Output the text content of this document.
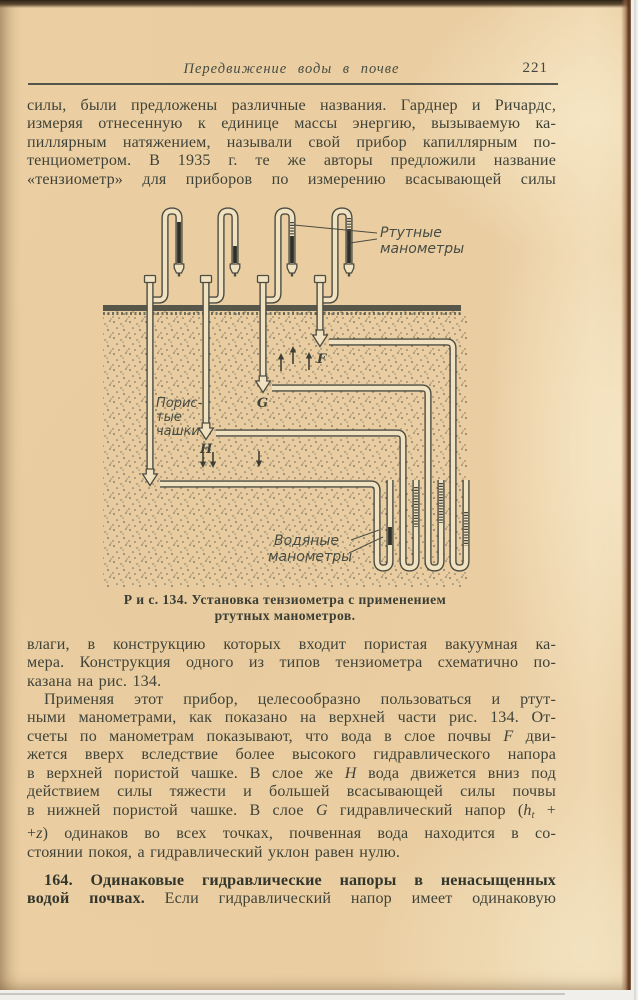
Передвижение воды в почве	221
силы, были предложены различные названия. Гарднер и Ричардс,
измеряя отнесенную к единице массы энергию, вызываемую ка-
пиллярным натяжением, называли свой прибор капиллярным по-
тенциометром. В 1935 г. те же авторы предложили название
«тензиометр» для приборов по измерению всасывающей силы
Ртутные
манометры
Порис-
тые
чашки
Водяные
манометры
F
G
H
Р и с. 134. Установка тензиометра с применением
ртутных манометров.
влаги, в конструкцию которых входит пористая вакуумная ка-
мера. Конструкция одного из типов тензиометра схематично по-
казана на рис. 134.
Применяя этот прибор, целесообразно пользоваться и ртут-
ными манометрами, как показано на верхней части рис. 134. От-
счеты по манометрам показывают, что вода в слое почвы F дви-
жется вверх вследствие более высокого гидравлического напора
в верхней пористой чашке. В слое же H вода движется вниз под
действием силы тяжести и большей всасывающей силы почвы
в нижней пористой чашке. В слое G гидравлический напор ($h_t$ +
+z) одинаков во всех точках, почвенная вода находится в со-
стоянии покоя, а гидравлический уклон равен нулю.
164. Одинаковые гидравлические напоры в ненасыщенных
водой почвах. Если гидравлический напор имеет одинаковую
